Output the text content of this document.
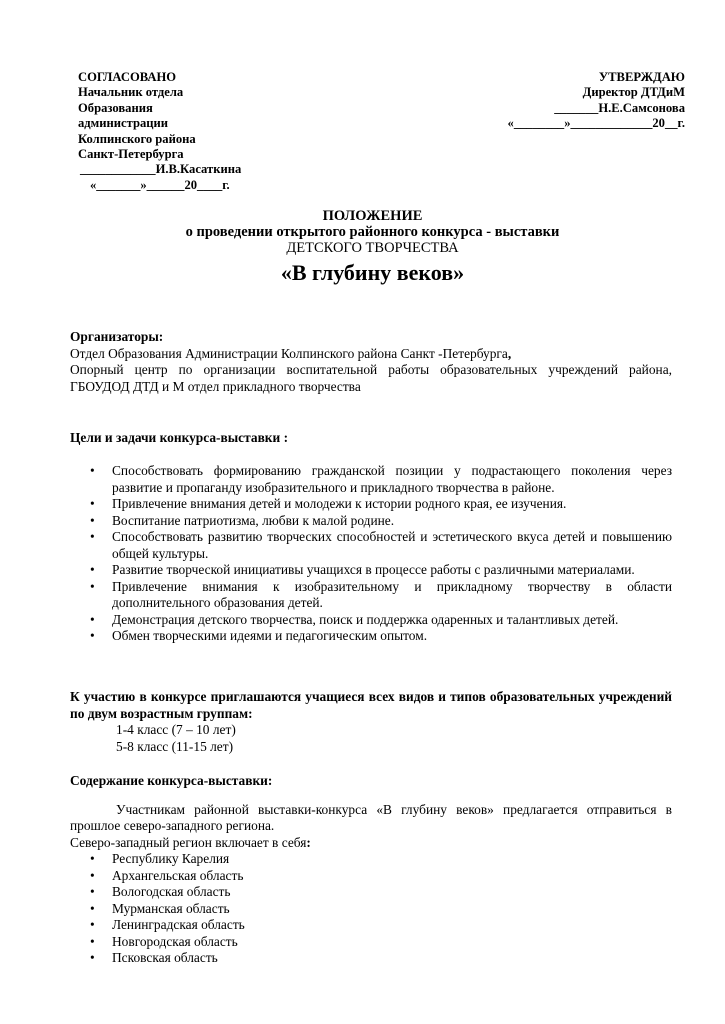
СОГЛАСОВАНО
Начальник отдела
Образования
администрации
Колпинского района
Санкт-Петербурга
____________И.В.Касаткина
«_______»______20____г.
УТВЕРЖДАЮ
Директор ДТДиМ
_______Н.Е.Самсонова
«________»_____________20__г.
ПОЛОЖЕНИЕ
о проведении открытого районного конкурса - выставки
ДЕТСКОГО ТВОРЧЕСТВА
«В глубину веков»
Организаторы:
Отдел Образования Администрации Колпинского района Санкт -Петербурга,
Опорный центр по организации воспитательной работы образовательных учреждений района, ГБОУДОД ДТД и М отдел прикладного творчества
Цели и задачи конкурса-выставки :
• Способствовать формированию гражданской позиции у подрастающего поколения через развитие и пропаганду изобразительного и прикладного творчества в районе.
• Привлечение внимания детей и молодежи к истории родного края, ее изучения.
• Воспитание патриотизма, любви к малой родине.
• Способствовать развитию творческих способностей и эстетического вкуса детей и повышению общей культуры.
• Развитие творческой инициативы учащихся в процессе работы с различными материалами.
• Привлечение внимания к изобразительному и прикладному творчеству в области дополнительного образования детей.
• Демонстрация детского творчества, поиск и поддержка одаренных и талантливых детей.
• Обмен творческими идеями и педагогическим опытом.
К участию в конкурсе приглашаются учащиеся всех видов и типов образовательных учреждений по двум возрастным группам:
1-4 класс (7 – 10 лет)
5-8 класс (11-15 лет)
Содержание конкурса-выставки:
Участникам районной выставки-конкурса «В глубину веков» предлагается отправиться в прошлое северо-западного региона.
Северо-западный регион включает в себя:
• Республику Карелия
• Архангельская область
• Вологодская область
• Мурманская область
• Ленинградская область
• Новгородская область
• Псковская область
